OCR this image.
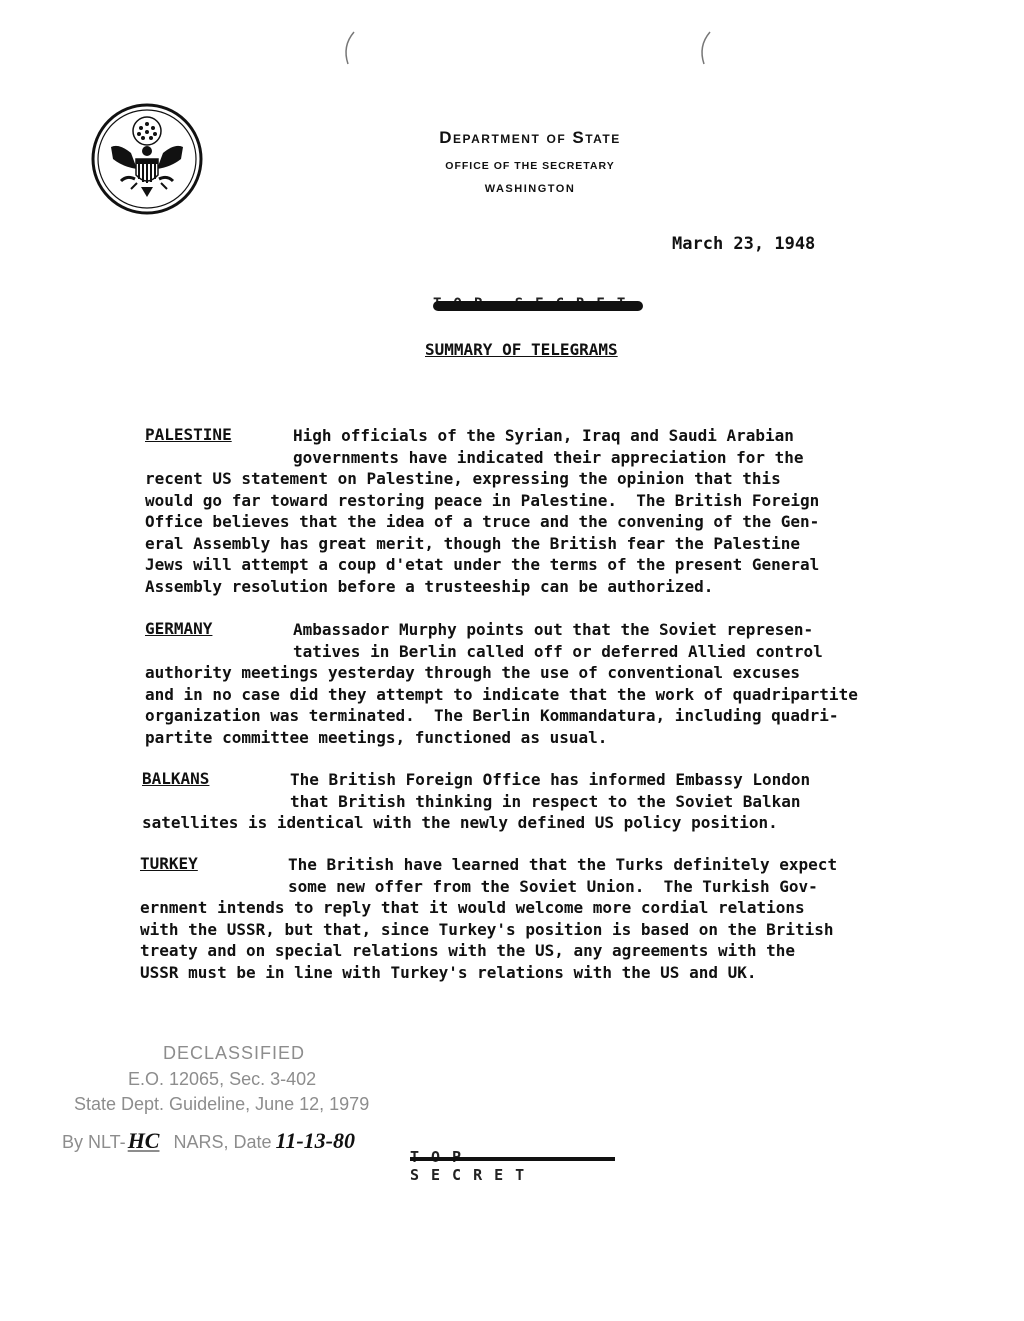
Department of State
OFFICE OF THE SECRETARY
WASHINGTON
March 23, 1948
SUMMARY OF TELEGRAMS
PALESTINE	High officials of the Syrian, Iraq and Saudi Arabian
governments have indicated their appreciation for the
recent US statement on Palestine, expressing the opinion that this
would go far toward restoring peace in Palestine.  The British Foreign
Office believes that the idea of a truce and the convening of the Gen-
eral Assembly has great merit, though the British fear the Palestine
Jews will attempt a coup d'etat under the terms of the present General
Assembly resolution before a trusteeship can be authorized.
GERMANY	Ambassador Murphy points out that the Soviet represen-
tatives in Berlin called off or deferred Allied control
authority meetings yesterday through the use of conventional excuses
and in no case did they attempt to indicate that the work of quadripartite
organization was terminated.  The Berlin Kommandatura, including quadri-
partite committee meetings, functioned as usual.
BALKANS	The British Foreign Office has informed Embassy London
that British thinking in respect to the Soviet Balkan
satellites is identical with the newly defined US policy position.
TURKEY	The British have learned that the Turks definitely expect
some new offer from the Soviet Union.  The Turkish Gov-
ernment intends to reply that it would welcome more cordial relations
with the USSR, but that, since Turkey's position is based on the British
treaty and on special relations with the US, any agreements with the
USSR must be in line with Turkey's relations with the US and UK.
DECLASSIFIED
E.O. 12065, Sec. 3-402
State Dept. Guideline, June 12, 1979
By NLT-HC NARS, Date 11-13-80
SECRET
